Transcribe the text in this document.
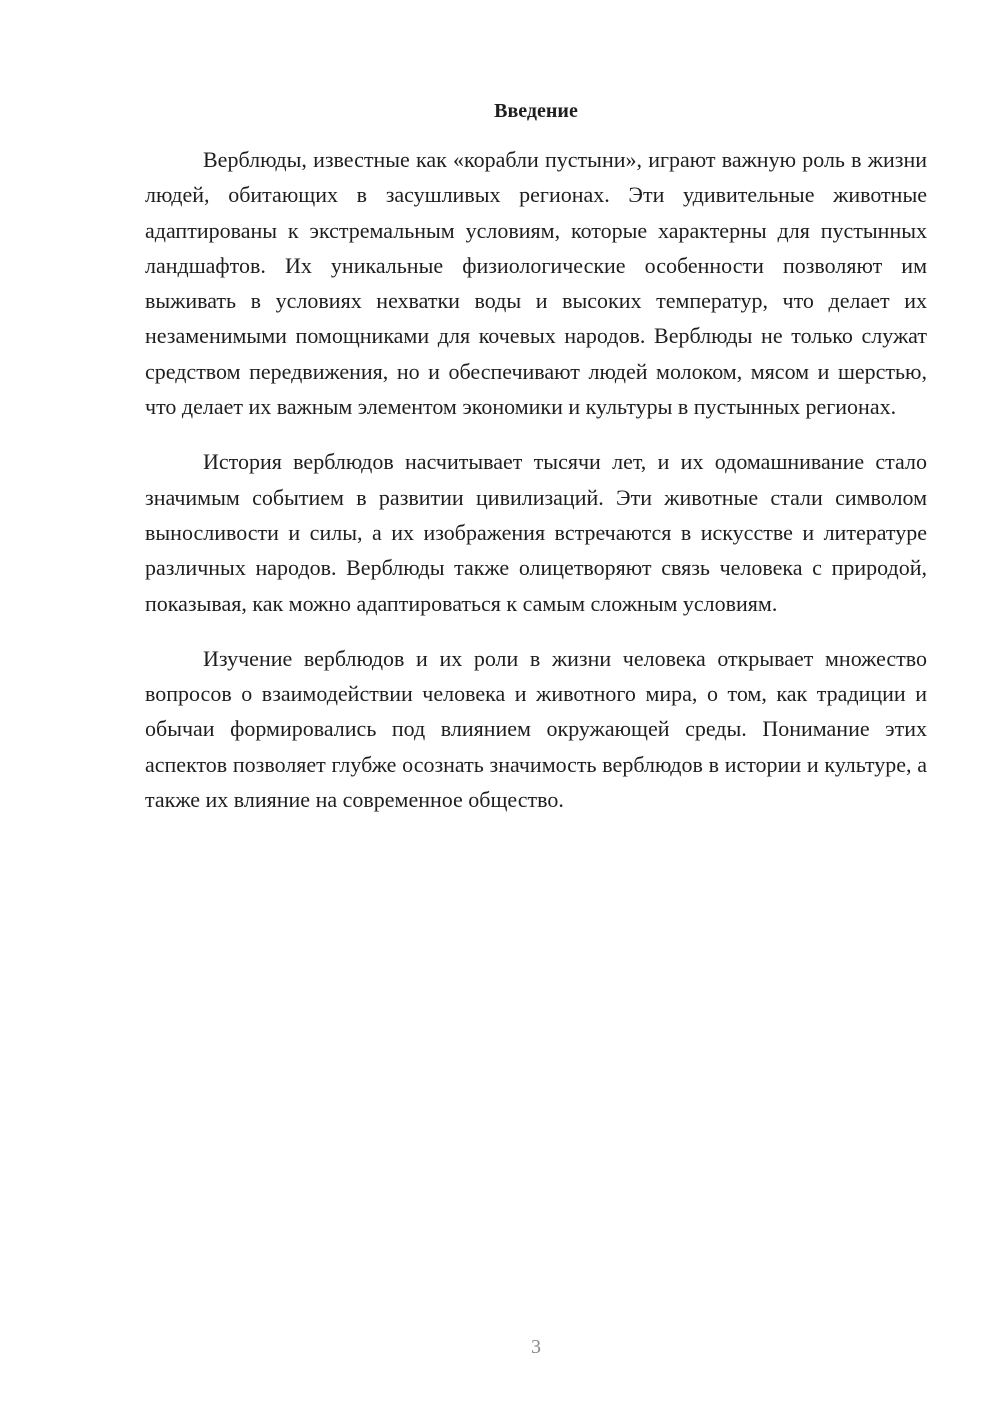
Введение

Верблюды, известные как «корабли пустыни», играют важную роль в жизни людей, обитающих в засушливых регионах. Эти удивительные животные адаптированы к экстремальным условиям, которые характерны для пустынных ландшафтов. Их уникальные физиологические особенности позволяют им выживать в условиях нехватки воды и высоких температур, что делает их незаменимыми помощниками для кочевых народов. Верблюды не только служат средством передвижения, но и обеспечивают людей молоком, мясом и шерстью, что делает их важным элементом экономики и культуры в пустынных регионах.

История верблюдов насчитывает тысячи лет, и их одомашнивание стало значимым событием в развитии цивилизаций. Эти животные стали символом выносливости и силы, а их изображения встречаются в искусстве и литературе различных народов. Верблюды также олицетворяют связь человека с природой, показывая, как можно адаптироваться к самым сложным условиям.

Изучение верблюдов и их роли в жизни человека открывает множество вопросов о взаимодействии человека и животного мира, о том, как традиции и обычаи формировались под влиянием окружающей среды. Понимание этих аспектов позволяет глубже осознать значимость верблюдов в истории и культуре, а также их влияние на современное общество.

3
